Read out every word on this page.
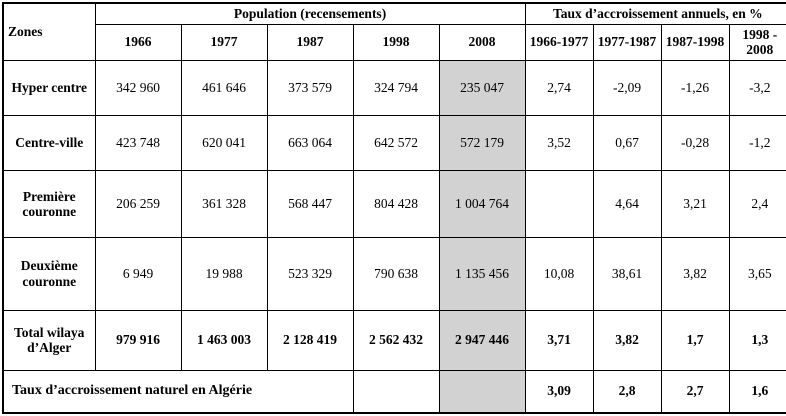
Zones	Population (recensements)					Taux d’accroissement annuels, en %			
	1966	1977	1987	1998	2008	1966-1977	1977-1987	1987-1998	1998 - 2008
Hyper centre	342 960	461 646	373 579	324 794	235 047	2,74	-2,09	-1,26	-3,2
Centre-ville	423 748	620 041	663 064	642 572	572 179	3,52	0,67	-0,28	-1,2
Première couronne	206 259	361 328	568 447	804 428	1 004 764		4,64	3,21	2,4
Deuxième couronne	6 949	19 988	523 329	790 638	1 135 456	10,08	38,61	3,82	3,65
Total wilaya d’Alger	979 916	1 463 003	2 128 419	2 562 432	2 947 446	3,71	3,82	1,7	1,3
Taux d’accroissement naturel en Algérie						3,09	2,8	2,7	1,6
